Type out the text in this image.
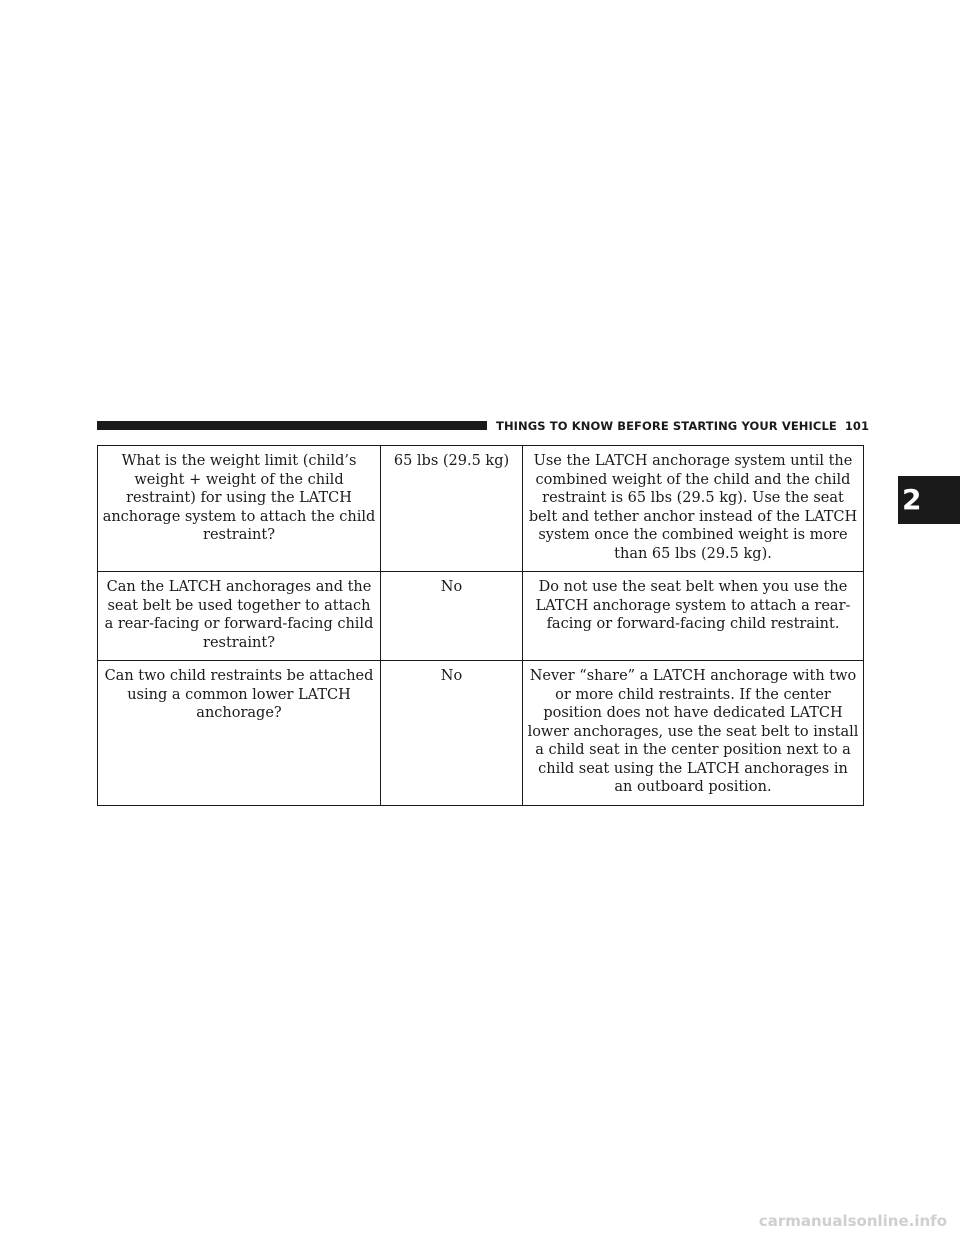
THINGS TO KNOW BEFORE STARTING YOUR VEHICLE 101
2
What is the weight limit (child’s weight + weight of the child restraint) for using the LATCH anchorage system to attach the child restraint?	65 lbs (29.5 kg)	Use the LATCH anchorage system until the combined weight of the child and the child restraint is 65 lbs (29.5 kg). Use the seat belt and tether anchor instead of the LATCH system once the combined weight is more than 65 lbs (29.5 kg).
Can the LATCH anchorages and the seat belt be used together to attach a rear-facing or forward-facing child restraint?	No	Do not use the seat belt when you use the LATCH anchorage system to attach a rear-facing or forward-facing child restraint.
Can two child restraints be attached using a common lower LATCH anchorage?	No	Never “share” a LATCH anchorage with two or more child restraints. If the center position does not have dedicated LATCH lower anchorages, use the seat belt to install a child seat in the center position next to a child seat using the LATCH anchorages in an outboard position.
carmanualsonline.info
